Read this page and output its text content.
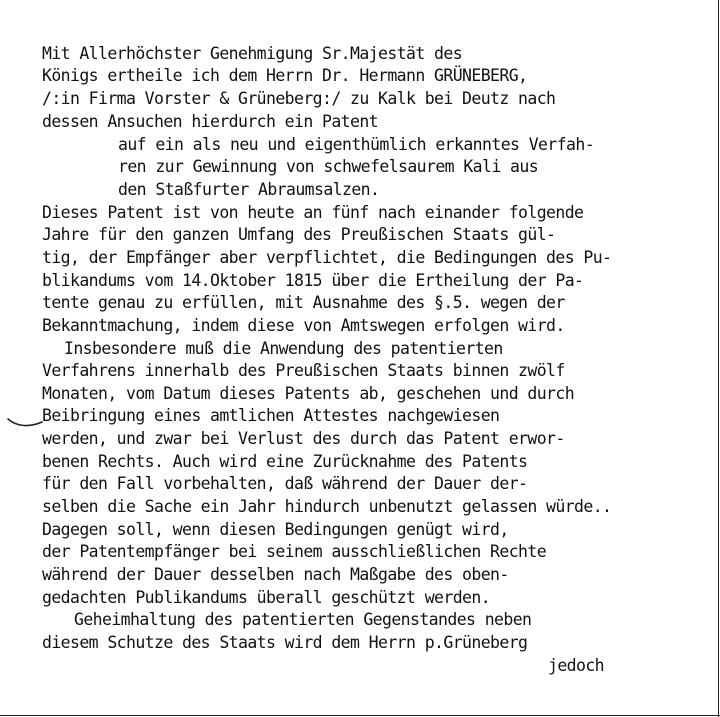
Mit Allerhöchster Genehmigung Sr.Majestät des
Königs ertheile ich dem Herrn Dr. Hermann GRÜNEBERG,
/:in Firma Vorster & Grüneberg:/ zu Kalk bei Deutz nach
dessen Ansuchen hierdurch ein Patent
auf ein als neu und eigenthümlich erkanntes Verfah-
ren zur Gewinnung von schwefelsaurem Kali aus
den Staßfurter Abraumsalzen.
Dieses Patent ist von heute an fünf nach einander folgende
Jahre für den ganzen Umfang des Preußischen Staats gül-
tig, der Empfänger aber verpflichtet, die Bedingungen des Pu-
blikandums vom 14.Oktober 1815 über die Ertheilung der Pa-
tente genau zu erfüllen, mit Ausnahme des §.5. wegen der
Bekanntmachung, indem diese von Amtswegen erfolgen wird.
Insbesondere muß die Anwendung des patentierten
Verfahrens innerhalb des Preußischen Staats binnen zwölf
Monaten, vom Datum dieses Patents ab, geschehen und durch
Beibringung eines amtlichen Attestes nachgewiesen
werden, und zwar bei Verlust des durch das Patent erwor-
benen Rechts. Auch wird eine Zurücknahme des Patents
für den Fall vorbehalten, daß während der Dauer der-
selben die Sache ein Jahr hindurch unbenutzt gelassen würde..
Dagegen soll, wenn diesen Bedingungen genügt wird,
der Patentempfänger bei seinem ausschließlichen Rechte
während der Dauer desselben nach Maßgabe des oben-
gedachten Publikandums überall geschützt werden.
Geheimhaltung des patentierten Gegenstandes neben
diesem Schutze des Staats wird dem Herrn p.Grüneberg
jedoch
